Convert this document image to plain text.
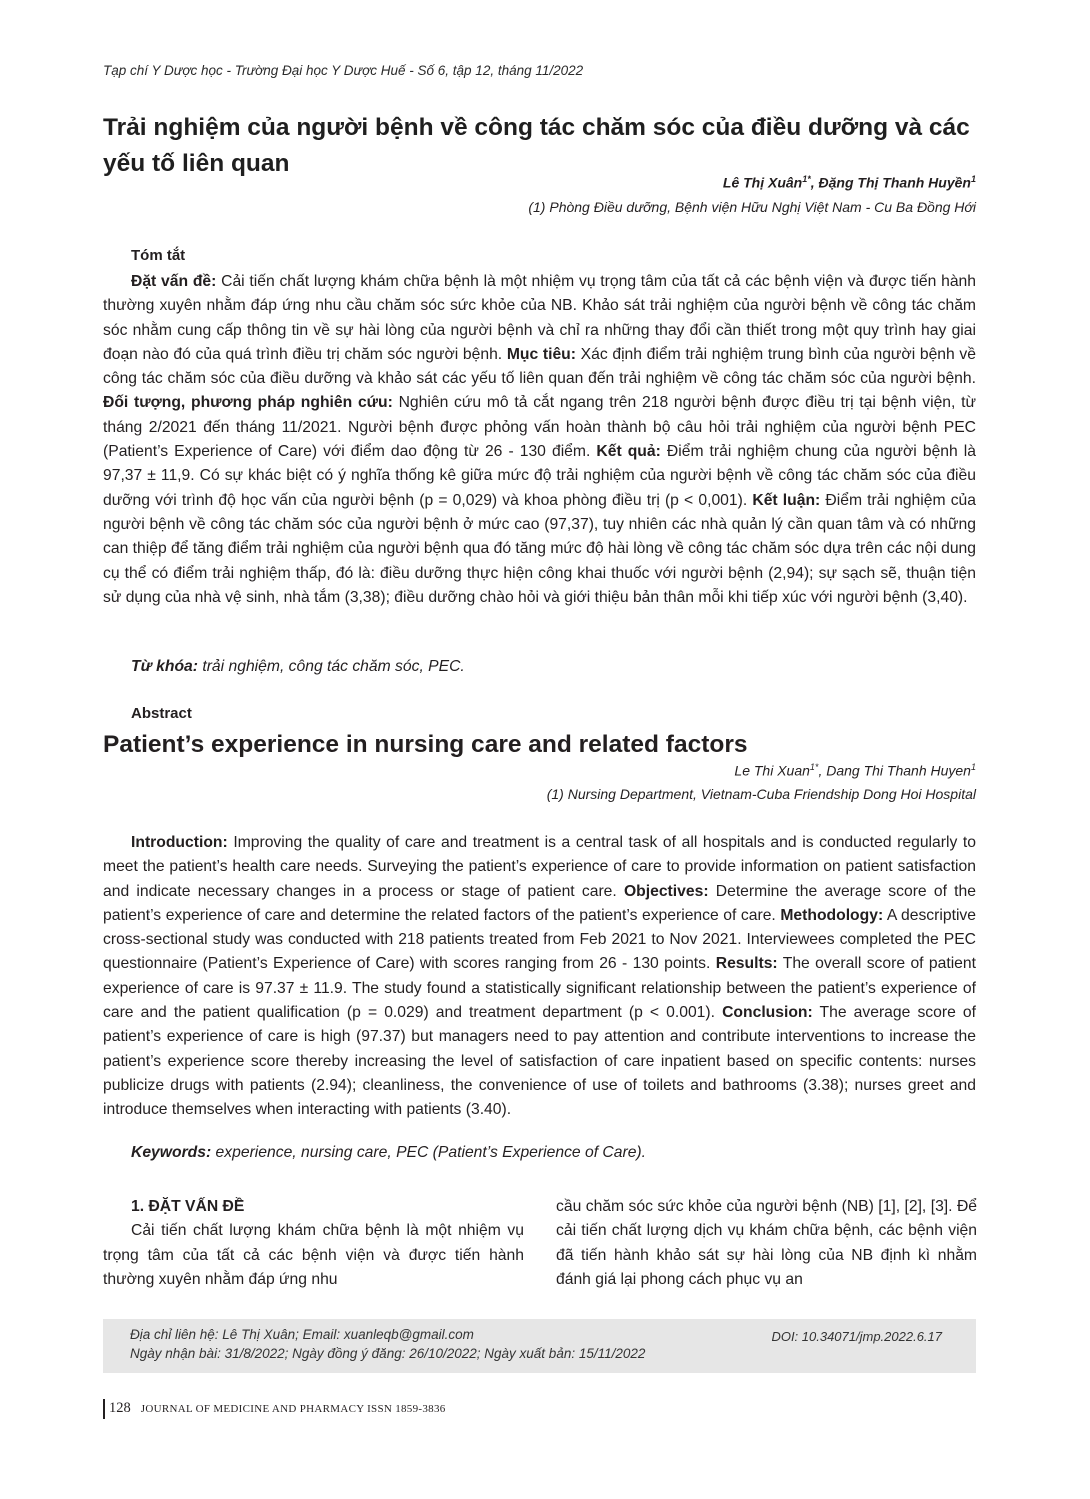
Tạp chí Y Dược học - Trường Đại học Y Dược Huế - Số 6, tập 12, tháng 11/2022
Trải nghiệm của người bệnh về công tác chăm sóc của điều dưỡng và các yếu tố liên quan
Lê Thị Xuân$^{1*}$, Đặng Thị Thanh Huyền$^1$
(1) Phòng Điều dưỡng, Bệnh viện Hữu Nghị Việt Nam - Cu Ba Đồng Hới
Tóm tắt

Đặt vấn đề: Cải tiến chất lượng khám chữa bệnh là một nhiệm vụ trọng tâm của tất cả các bệnh viện và được tiến hành thường xuyên nhằm đáp ứng nhu cầu chăm sóc sức khỏe của NB. Khảo sát trải nghiệm của người bệnh về công tác chăm sóc nhằm cung cấp thông tin về sự hài lòng của người bệnh và chỉ ra những thay đổi cần thiết trong một quy trình hay giai đoạn nào đó của quá trình điều trị chăm sóc người bệnh. Mục tiêu: Xác định điểm trải nghiệm trung bình của người bệnh về công tác chăm sóc của điều dưỡng và khảo sát các yếu tố liên quan đến trải nghiệm về công tác chăm sóc của người bệnh. Đối tượng, phương pháp nghiên cứu: Nghiên cứu mô tả cắt ngang trên 218 người bệnh được điều trị tại bệnh viện, từ tháng 2/2021 đến tháng 11/2021. Người bệnh được phỏng vấn hoàn thành bộ câu hỏi trải nghiệm của người bệnh PEC (Patient’s Experience of Care) với điểm dao động từ 26 - 130 điểm. Kết quả: Điểm trải nghiệm chung của người bệnh là 97,37 ± 11,9. Có sự khác biệt có ý nghĩa thống kê giữa mức độ trải nghiệm của người bệnh về công tác chăm sóc của điều dưỡng với trình độ học vấn của người bệnh (p = 0,029) và khoa phòng điều trị (p < 0,001). Kết luận: Điểm trải nghiệm của người bệnh về công tác chăm sóc của người bệnh ở mức cao (97,37), tuy nhiên các nhà quản lý cần quan tâm và có những can thiệp để tăng điểm trải nghiệm của người bệnh qua đó tăng mức độ hài lòng về công tác chăm sóc dựa trên các nội dung cụ thể có điểm trải nghiệm thấp, đó là: điều dưỡng thực hiện công khai thuốc với người bệnh (2,94); sự sạch sẽ, thuận tiện sử dụng của nhà vệ sinh, nhà tắm (3,38); điều dưỡng chào hỏi và giới thiệu bản thân mỗi khi tiếp xúc với người bệnh (3,40).

Từ khóa: trải nghiệm, công tác chăm sóc, PEC.
Abstract
Patient’s experience in nursing care and related factors
Le Thi Xuan$^{1*}$, Dang Thi Thanh Huyen$^1$
(1) Nursing Department, Vietnam-Cuba Friendship Dong Hoi Hospital

Introduction: Improving the quality of care and treatment is a central task of all hospitals and is conducted regularly to meet the patient’s health care needs. Surveying the patient’s experience of care to provide information on patient satisfaction and indicate necessary changes in a process or stage of patient care. Objectives: Determine the average score of the patient’s experience of care and determine the related factors of the patient’s experience of care. Methodology: A descriptive cross-sectional study was conducted with 218 patients treated from Feb 2021 to Nov 2021. Interviewees completed the PEC questionnaire (Patient’s Experience of Care) with scores ranging from 26 - 130 points. Results: The overall score of patient experience of care is 97.37 ± 11.9. The study found a statistically significant relationship between the patient’s experience of care and the patient qualification (p = 0.029) and treatment department (p < 0.001). Conclusion: The average score of patient’s experience of care is high (97.37) but managers need to pay attention and contribute interventions to increase the patient’s experience score thereby increasing the level of satisfaction of care inpatient based on specific contents: nurses publicize drugs with patients (2.94); cleanliness, the convenience of use of toilets and bathrooms (3.38); nurses greet and introduce themselves when interacting with patients (3.40).

Keywords: experience, nursing care, PEC (Patient’s Experience of Care).
1. ĐẶT VẤN ĐỀ

Cải tiến chất lượng khám chữa bệnh là một nhiệm vụ trọng tâm của tất cả các bệnh viện và được tiến hành thường xuyên nhằm đáp ứng nhu

cầu chăm sóc sức khỏe của người bệnh (NB) [1], [2], [3]. Để cải tiến chất lượng dịch vụ khám chữa bệnh, các bệnh viện đã tiến hành khảo sát sự hài lòng của NB định kì nhằm đánh giá lại phong cách phục vụ an

Địa chỉ liên hệ: Lê Thị Xuân; Email: xuanleqb@gmail.com
Ngày nhận bài: 31/8/2022; Ngày đồng ý đăng: 26/10/2022; Ngày xuất bản: 15/11/2022
DOI: 10.34071/jmp.2022.6.17
128 JOURNAL OF MEDICINE AND PHARMACY ISSN 1859-3836
